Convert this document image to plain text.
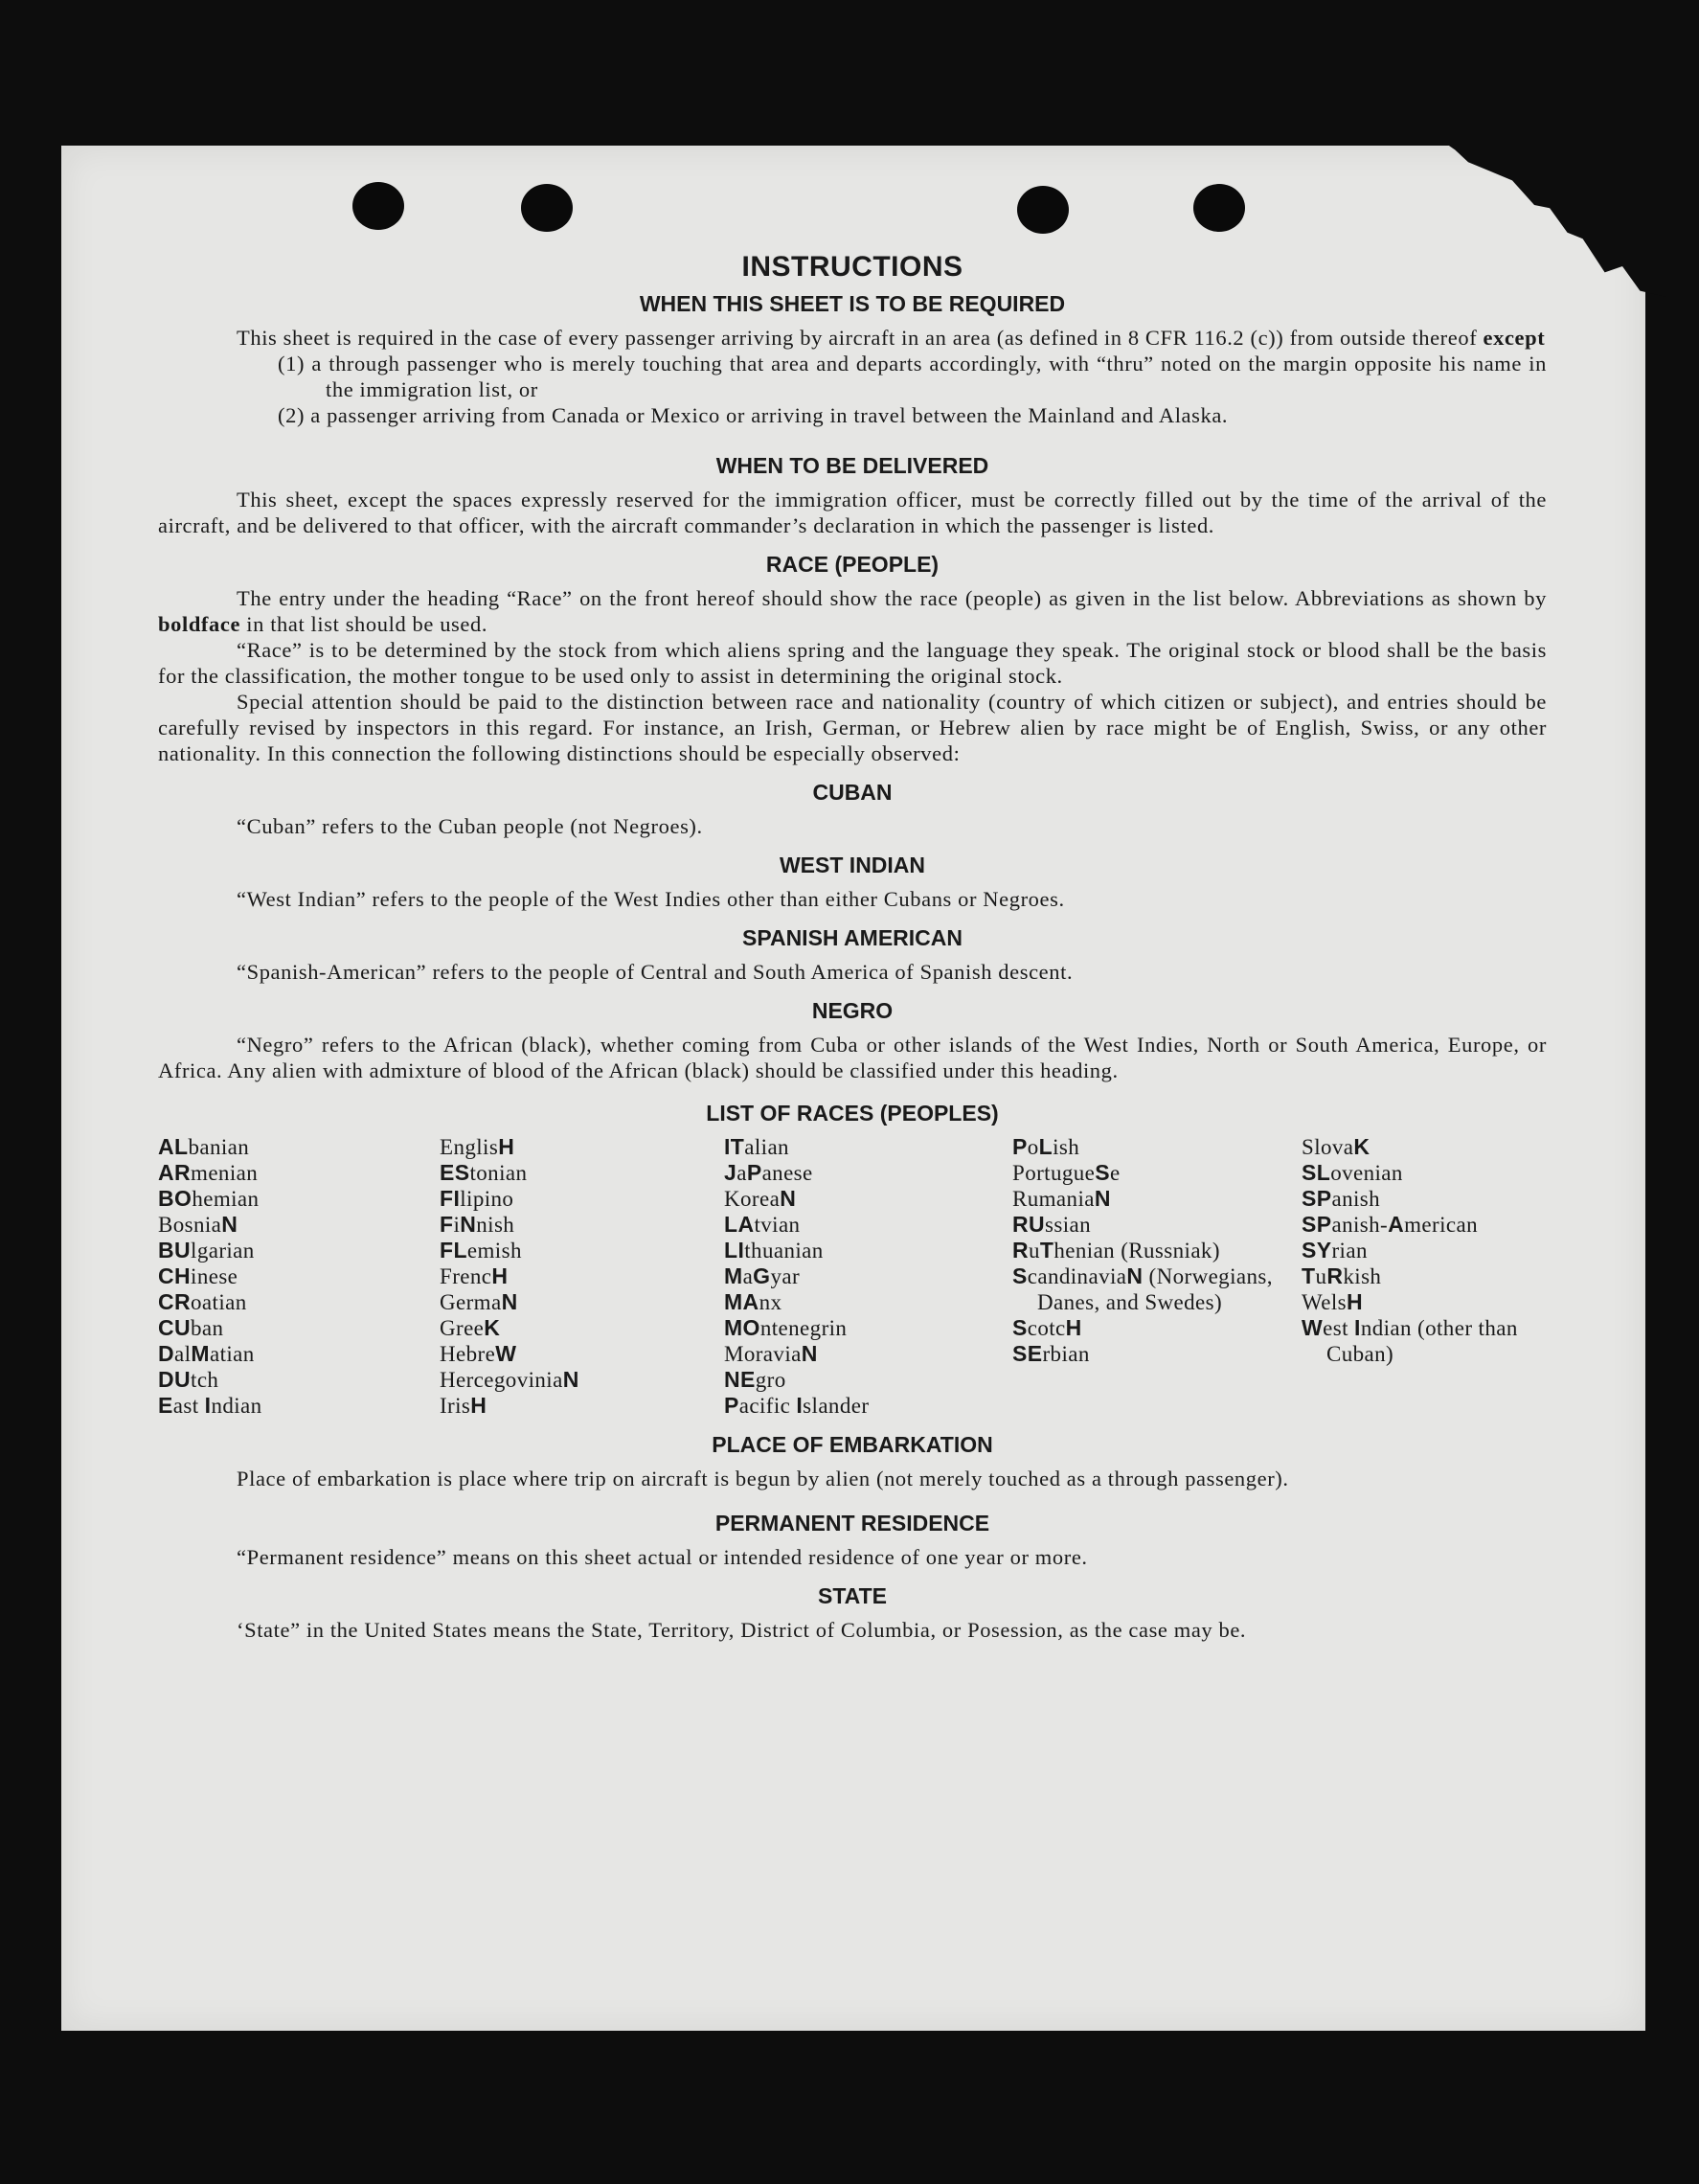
INSTRUCTIONS
WHEN THIS SHEET IS TO BE REQUIRED

This sheet is required in the case of every passenger arriving by aircraft in an area (as defined in 8 CFR 116.2 (c)) from outside thereof except

(1) a through passenger who is merely touching that area and departs accordingly, with “thru” noted on the margin opposite his name in the immigration list, or
(2) a passenger arriving from Canada or Mexico or arriving in travel between the Mainland and Alaska.
WHEN TO BE DELIVERED

This sheet, except the spaces expressly reserved for the immigration officer, must be correctly filled out by the time of the arrival of the aircraft, and be delivered to that officer, with the aircraft commander’s declaration in which the passenger is listed.

RACE (PEOPLE)

The entry under the heading “Race” on the front hereof should show the race (people) as given in the list below. Abbreviations as shown by boldface in that list should be used.

“Race” is to be determined by the stock from which aliens spring and the language they speak. The original stock or blood shall be the basis for the classification, the mother tongue to be used only to assist in determining the original stock.

Special attention should be paid to the distinction between race and nationality (country of which citizen or subject), and entries should be carefully revised by inspectors in this regard. For instance, an Irish, German, or Hebrew alien by race might be of English, Swiss, or any other nationality. In this connection the following distinctions should be especially observed:

CUBAN

“Cuban” refers to the Cuban people (not Negroes).

WEST INDIAN

“West Indian” refers to the people of the West Indies other than either Cubans or Negroes.

SPANISH AMERICAN

“Spanish-American” refers to the people of Central and South America of Spanish descent.

NEGRO

“Negro” refers to the African (black), whether coming from Cuba or other islands of the West Indies, North or South America, Europe, or Africa. Any alien with admixture of blood of the African (black) should be classified under this heading.

LIST OF RACES (PEOPLES)
ALbanian
ARmenian
BOhemian
BosniaN
BUlgarian
CHinese
CRoatian
CUban
DalMatian
DUtch
East Indian
EnglisH
EStonian
FIlipino
FiNnish
FLemish
FrencH
GermaN
GreeK
HebreW
HercegoviniaN
IrisH
ITalian
JaPanese
KoreaN
LAtvian
LIthuanian
MaGyar
MAnx
MOntenegrin
MoraviaN
NEgro
Pacific Islander
PoLish
PortugueSe
RumaniaN
RUssian
RuThenian (Russniak)
ScandinaviaN (Norwegians, Danes, and Swedes)
ScotcH
SErbian
SlovaK
SLovenian
SPanish
SPanish-American
SYrian
TuRkish
WelsH
West Indian (other than Cuban)
PLACE OF EMBARKATION

Place of embarkation is place where trip on aircraft is begun by alien (not merely touched as a through passenger).

PERMANENT RESIDENCE

“Permanent residence” means on this sheet actual or intended residence of one year or more.

STATE

‘State” in the United States means the State, Territory, District of Columbia, or Posession, as the case may be.
